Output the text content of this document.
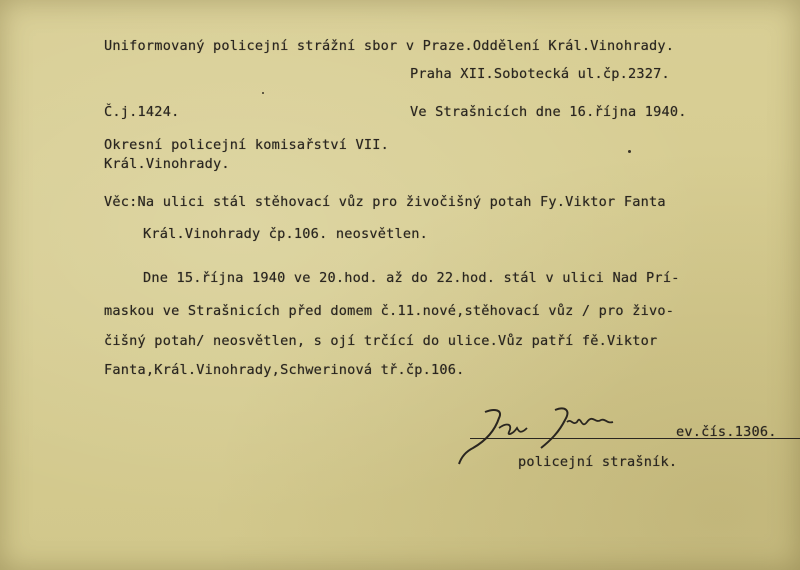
Uniformovaný policejní strážní sbor v Praze.Oddělení Král.Vinohrady.
Praha XII.Sobotecká ul.čp.2327.
Č.j.1424.	Ve Strašnicích dne 16.října 1940.
Okresní policejní komisařství VII.
Král.Vinohrady.
Věc:Na ulici stál stěhovací vůz pro živočišný potah Fy.Viktor Fanta
Král.Vinohrady čp.106. neosvětlen.
Dne 15.října 1940 ve 20.hod. až do 22.hod. stál v ulici Nad Prí-
maskou ve Strašnicích před domem č.11.nové,stěhovací vůz / pro živo-
čišný potah/ neosvětlen, s ojí trčící do ulice.Vůz patří fě.Viktor
Fanta,Král.Vinohrady,Schwerinová tř.čp.106.
ev.čís.1306.
policejní strašník.
